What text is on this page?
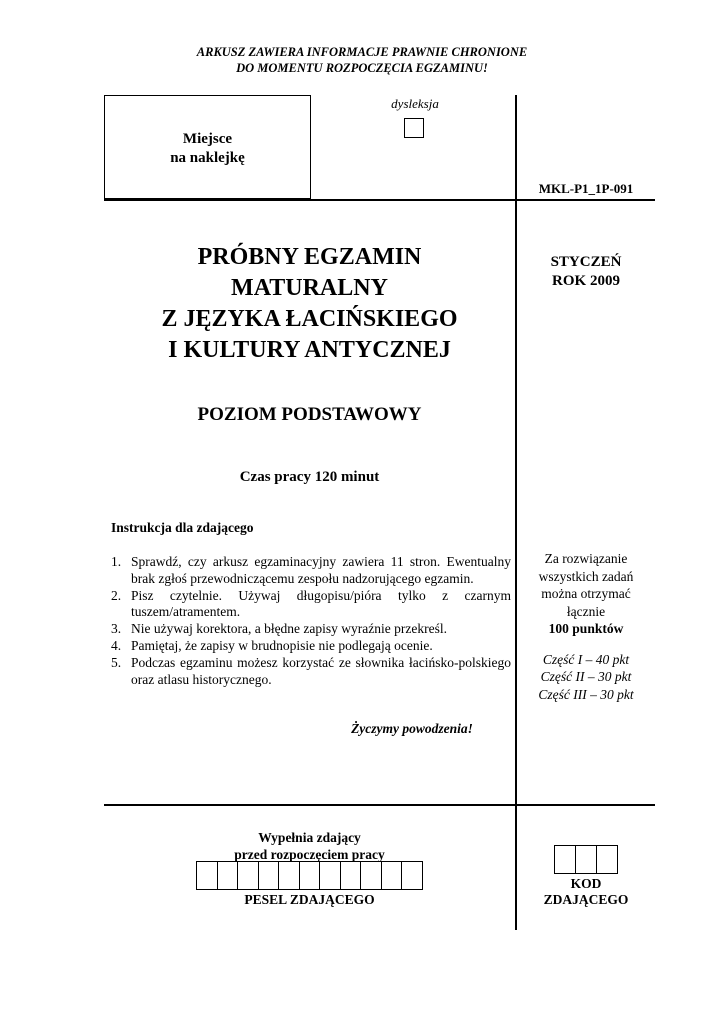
ARKUSZ ZAWIERA INFORMACJE PRAWNIE CHRONIONE
DO MOMENTU ROZPOCZĘCIA EGZAMINU!
Miejsce
na naklejkę
dysleksja
MKL-P1_1P-091
PRÓBNY EGZAMIN
MATURALNY
Z JĘZYKA ŁACIŃSKIEGO
I KULTURY ANTYCZNEJ
POZIOM PODSTAWOWY
Czas pracy 120 minut
STYCZEŃ
ROK 2009
Instrukcja dla zdającego
1. Sprawdź, czy arkusz egzaminacyjny zawiera 11 stron. Ewentualny brak zgłoś przewodniczącemu zespołu nadzorującego egzamin.
2. Pisz czytelnie. Używaj długopisu/pióra tylko z czarnym tuszem/atramentem.
3. Nie używaj korektora, a błędne zapisy wyraźnie przekreśl.
4. Pamiętaj, że zapisy w brudnopisie nie podlegają ocenie.
5. Podczas egzaminu możesz korzystać ze słownika łacińsko-polskiego oraz atlasu historycznego.
Życzymy powodzenia!
Za rozwiązanie
wszystkich zadań
można otrzymać
łącznie
100 punktów
Część I – 40 pkt
Część II – 30 pkt
Część III – 30 pkt
Wypełnia zdający
przed rozpoczęciem pracy
PESEL ZDAJĄCEGO
KOD
ZDAJĄCEGO
